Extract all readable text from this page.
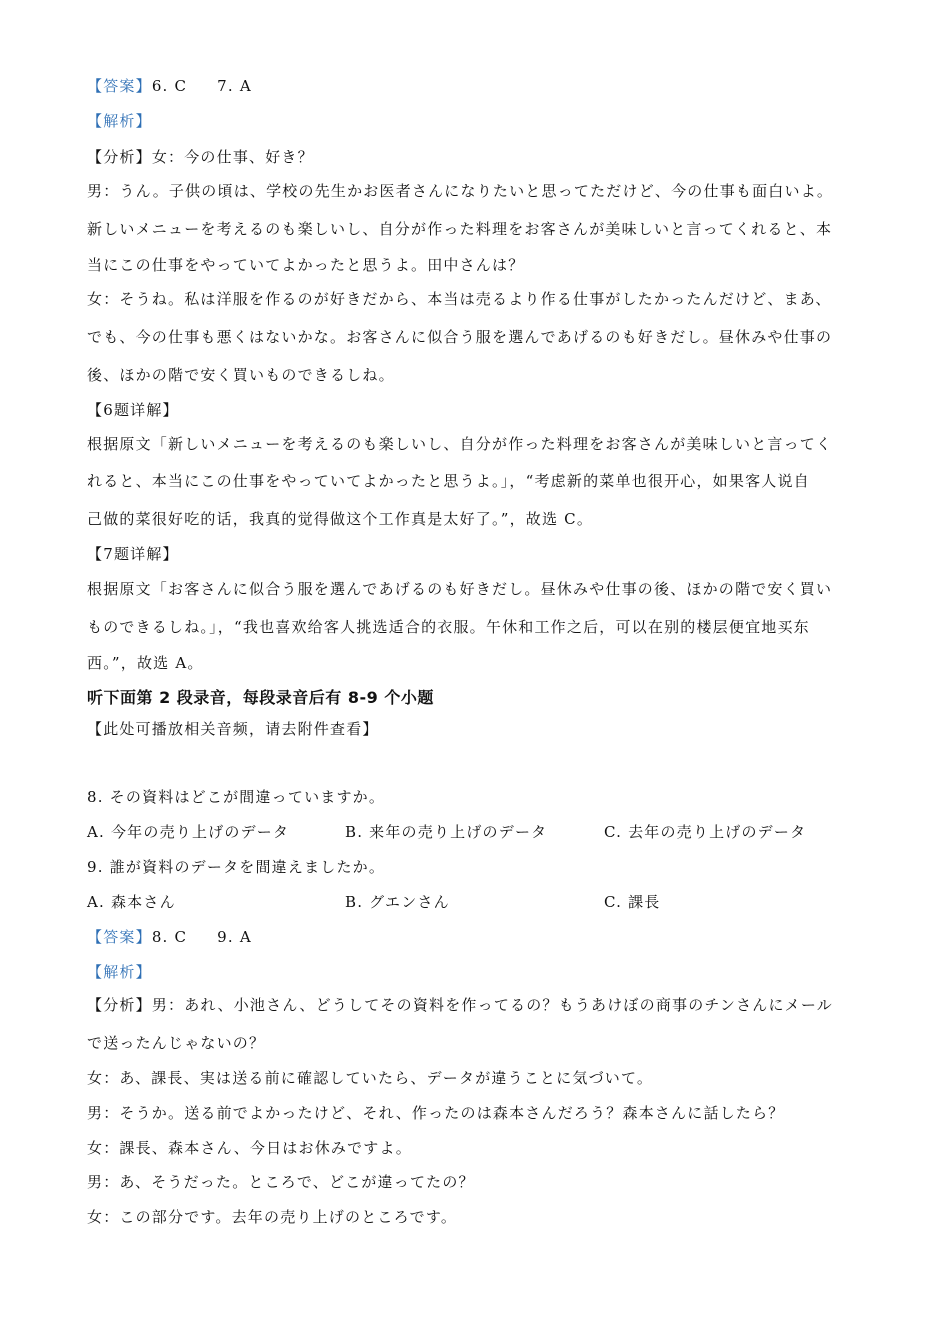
【答案】6. C 7. A
【解析】
【分析】女：今の仕事、好き？
男：うん。子供の頃は、学校の先生かお医者さんになりたいと思ってただけど、今の仕事も面白いよ。
新しいメニューを考えるのも楽しいし、自分が作った料理をお客さんが美味しいと言ってくれると、本
当にこの仕事をやっていてよかったと思うよ。田中さんは？
女：そうね。私は洋服を作るのが好きだから、本当は売るより作る仕事がしたかったんだけど、まあ、
でも、今の仕事も悪くはないかな。お客さんに似合う服を選んであげるのも好きだし。昼休みや仕事の
後、ほかの階で安く買いものできるしね。
【6题详解】
根据原文「新しいメニューを考えるのも楽しいし、自分が作った料理をお客さんが美味しいと言ってく
れると、本当にこの仕事をやっていてよかったと思うよ。」，“考虑新的菜单也很开心，如果客人说自
己做的菜很好吃的话，我真的觉得做这个工作真是太好了。”，故选 C。
【7题详解】
根据原文「お客さんに似合う服を選んであげるのも好きだし。昼休みや仕事の後、ほかの階で安く買い
ものできるしね。」，“我也喜欢给客人挑选适合的衣服。午休和工作之后，可以在别的楼层便宜地买东
西。”，故选 A。
听下面第 2 段录音，每段录音后有 8-9 个小题
【此处可播放相关音频，请去附件查看】
8. その資料はどこが間違っていますか。
A. 今年の売り上げのデータ	B. 来年の売り上げのデータ	C. 去年の売り上げのデータ
9. 誰が資料のデータを間違えましたか。
A. 森本さん	B. グエンさん	C. 課長
【答案】8. C 9. A
【解析】
【分析】男：あれ、小池さん、どうしてその資料を作ってるの？もうあけぼの商事のチンさんにメール
で送ったんじゃないの？
女：あ、課長、実は送る前に確認していたら、データが違うことに気づいて。
男：そうか。送る前でよかったけど、それ、作ったのは森本さんだろう？森本さんに話したら？
女：課長、森本さん、今日はお休みですよ。
男：あ、そうだった。ところで、どこが違ってたの？
女：この部分です。去年の売り上げのところです。
